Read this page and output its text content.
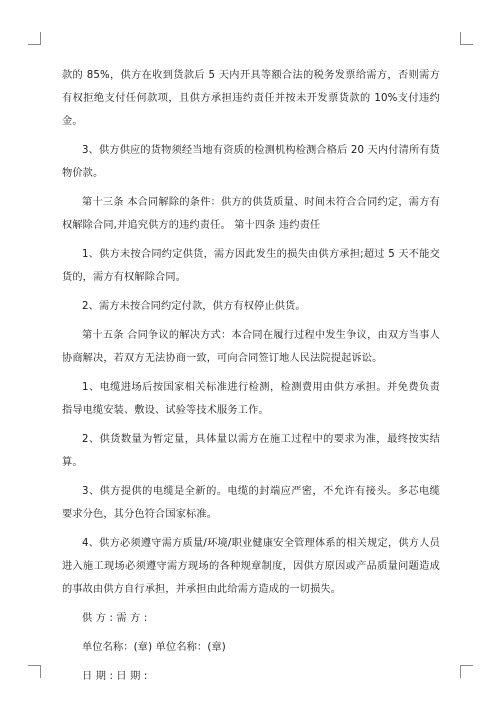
款的 85%，供方在收到货款后 5 天内开具等额合法的税务发票给需方，否则需方有权拒绝支付任何款项，且供方承担违约责任并按未开发票货款的 10%支付违约金。

3、供方供应的货物须经当地有资质的检测机构检测合格后 20 天内付清所有货物价款。

第十三条 本合同解除的条件：供方的供货质量、时间未符合合同约定，需方有权解除合同,并追究供方的违约责任。 第十四条 违约责任

1、供方未按合同约定供货，需方因此发生的损失由供方承担;超过 5 天不能交货的，需方有权解除合同。

2、需方未按合同约定付款，供方有权停止供货。

第十五条 合同争议的解决方式：本合同在履行过程中发生争议，由双方当事人协商解决，若双方无法协商一致，可向合同签订地人民法院提起诉讼。

1、电缆进场后按国家相关标准进行检测，检测费用由供方承担。并免费负责指导电缆安装、敷设、试验等技术服务工作。

2、供货数量为暂定量，具体量以需方在施工过程中的要求为准，最终按实结算。

3、供方提供的电缆是全新的。电缆的封端应严密，不允许有接头。多芯电缆要求分色，其分色符合国家标准。

4、供方必须遵守需方质量/环境/职业健康安全管理体系的相关规定，供方人员进入施工现场必须遵守需方现场的各种规章制度，因供方原因或产品质量问题造成的事故由供方自行承担，并承担由此给需方造成的一切损失。

供 方 : 需 方 :

单位名称：(章) 单位名称：(章)

日 期 : 日 期 :
